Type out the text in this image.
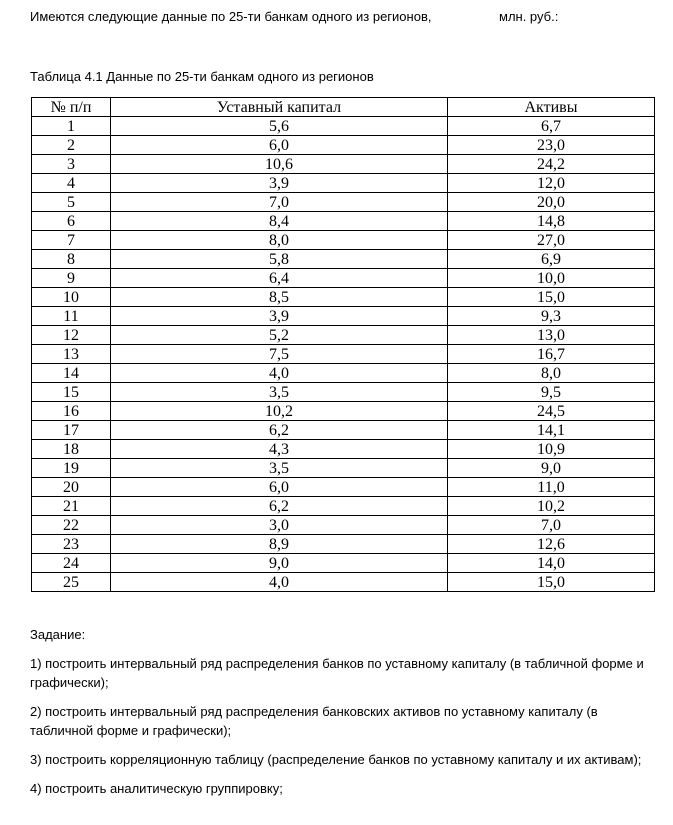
Имеются следующие данные по 25-ти банкам одного из регионов,	млн. руб.:
Таблица 4.1 Данные по 25-ти банкам одного из регионов
№ п/п	Уставный капитал	Активы
1	5,6	6,7
2	6,0	23,0
3	10,6	24,2
4	3,9	12,0
5	7,0	20,0
6	8,4	14,8
7	8,0	27,0
8	5,8	6,9
9	6,4	10,0
10	8,5	15,0
11	3,9	9,3
12	5,2	13,0
13	7,5	16,7
14	4,0	8,0
15	3,5	9,5
16	10,2	24,5
17	6,2	14,1
18	4,3	10,9
19	3,5	9,0
20	6,0	11,0
21	6,2	10,2
22	3,0	7,0
23	8,9	12,6
24	9,0	14,0
25	4,0	15,0

Задание:

1) построить интервальный ряд распределения банков по уставному капиталу (в табличной форме и графически);

2) построить интервальный ряд распределения банковских активов по уставному капиталу (в табличной форме и графически);

3) построить корреляционную таблицу (распределение банков по уставному капиталу и их активам);

4) построить аналитическую группировку;
